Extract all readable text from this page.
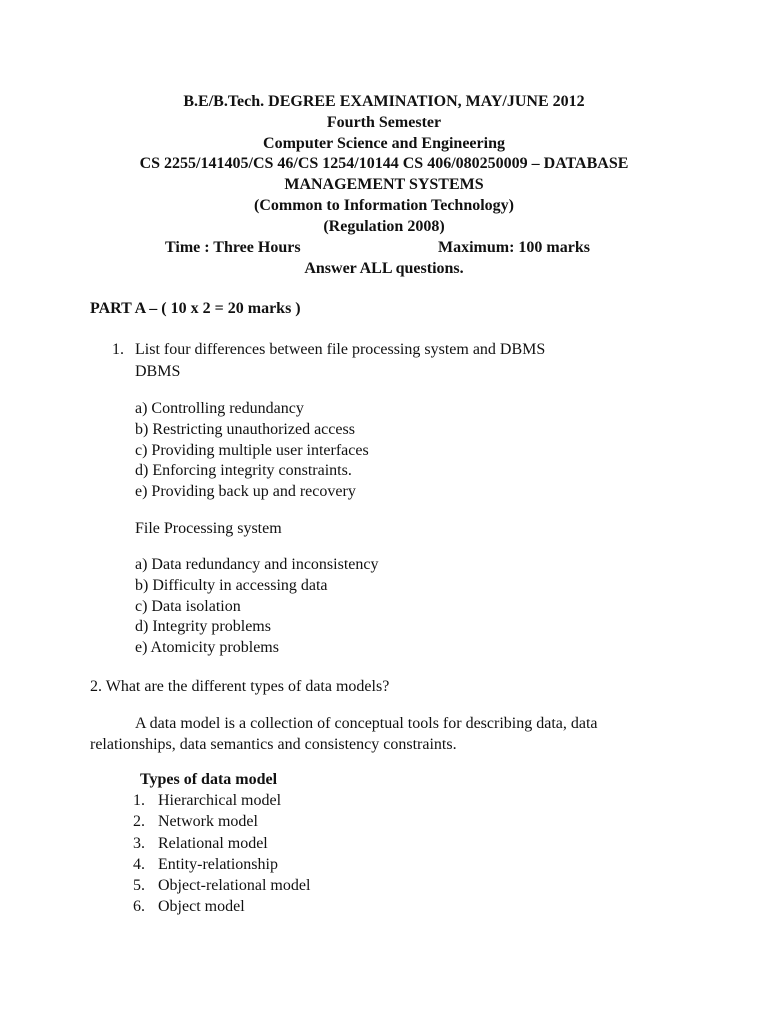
B.E/B.Tech. DEGREE EXAMINATION, MAY/JUNE 2012
Fourth Semester
Computer Science and Engineering
CS 2255/141405/CS 46/CS 1254/10144 CS 406/080250009 – DATABASE
MANAGEMENT SYSTEMS
(Common to Information Technology)
(Regulation 2008)
Time : Three Hours	Maximum: 100 marks
Answer ALL questions.
PART A – ( 10 x 2 = 20 marks )
1. List four differences between file processing system and DBMS
DBMS
a) Controlling redundancy
b) Restricting unauthorized access
c) Providing multiple user interfaces
d) Enforcing integrity constraints.
e) Providing back up and recovery
File Processing system
a) Data redundancy and inconsistency
b) Difficulty in accessing data
c) Data isolation
d) Integrity problems
e) Atomicity problems
2. What are the different types of data models?
A data model is a collection of conceptual tools for describing data, data
relationships, data semantics and consistency constraints.
Types of data model
1. Hierarchical model
2. Network model
3. Relational model
4. Entity-relationship
5. Object-relational model
6. Object model
